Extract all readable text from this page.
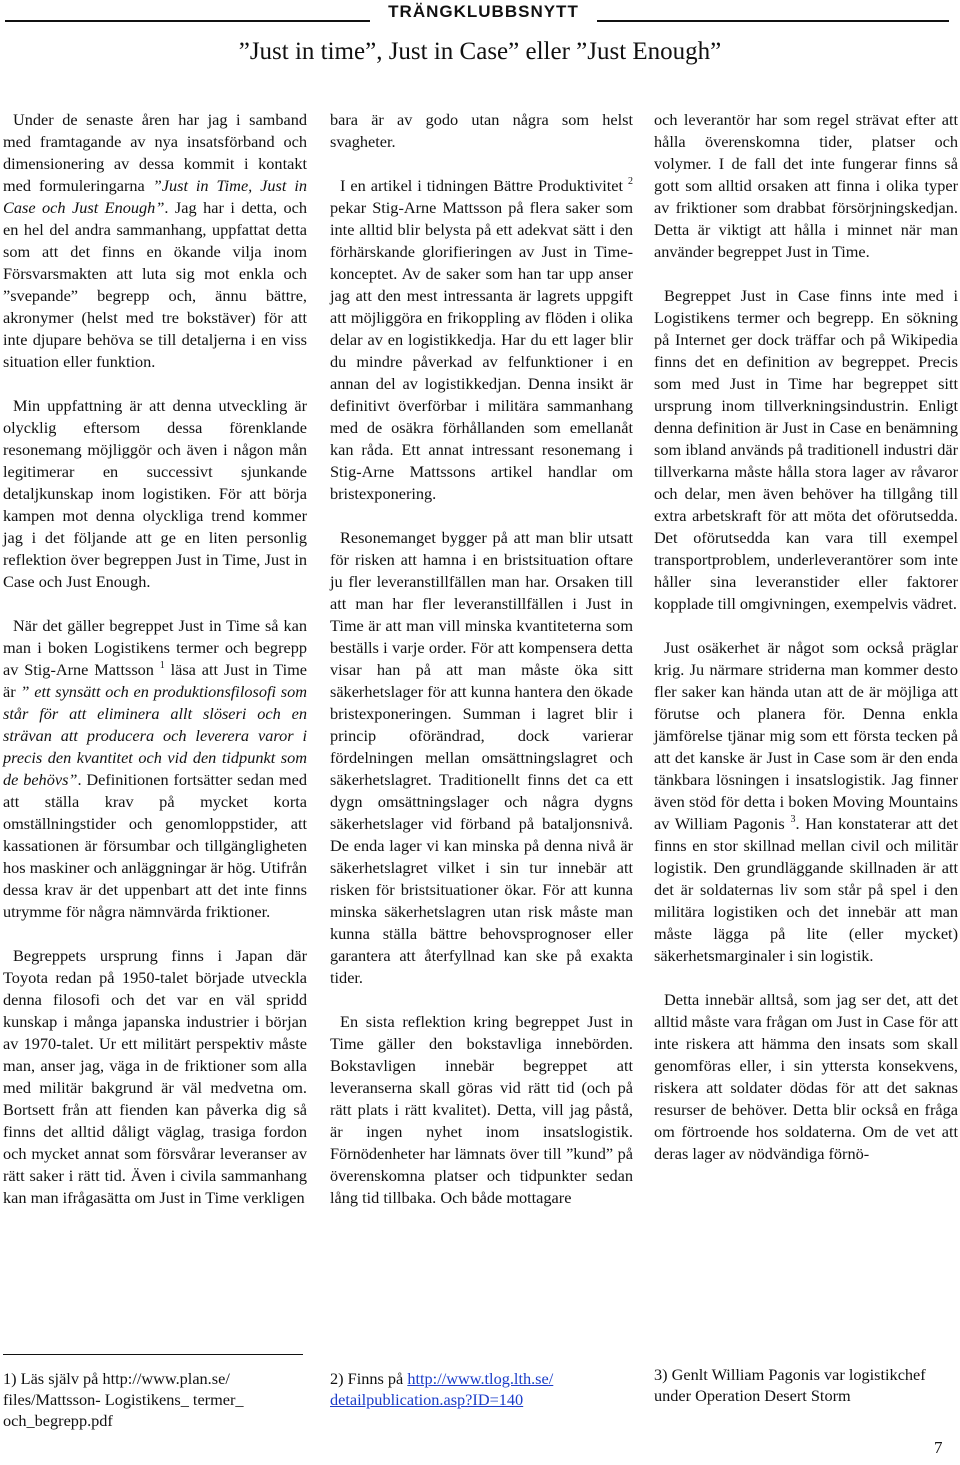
TRÄNGKLUBBSNYTT
”Just in time”, Just in Case” eller ”Just Enough”

Under de senaste åren har jag i samband med framtagande av nya insatsförband och dimensionering av dessa kommit i kontakt med formuleringarna ”Just in Time, Just in Case och Just Enough”. Jag har i detta, och en hel del andra sammanhang, uppfattat detta som att det finns en ökande vilja inom Försvarsmakten att luta sig mot enkla och ”svepande” begrepp och, ännu bättre, akronymer (helst med tre bokstäver) för att inte djupare behöva se till detaljerna i en viss situation eller funktion.

Min uppfattning är att denna utveckling är olycklig eftersom dessa förenklande resonemang möjliggör och även i någon mån legitimerar en successivt sjunkande detaljkunskap inom logistiken. För att börja kampen mot denna olyckliga trend kommer jag i det följande att ge en liten personlig reflektion över begreppen Just in Time, Just in Case och Just Enough.

När det gäller begreppet Just in Time så kan man i boken Logistikens termer och begrepp av Stig-Arne Mattsson $^1$ läsa att Just in Time är ” ett synsätt och en produktionsfilosofi som står för att eliminera allt slöseri och en strävan att producera och leverera varor i precis den kvantitet och vid den tidpunkt som de behövs”. Definitionen fortsätter sedan med att ställa krav på mycket korta omställningstider och genomloppstider, att kassationen är försumbar och tillgängligheten hos maskiner och anläggningar är hög. Utifrån dessa krav är det uppenbart att det inte finns utrymme för några nämnvärda friktioner.

Begreppets ursprung finns i Japan där Toyota redan på 1950-talet började utveckla denna filosofi och det var en väl spridd kunskap i många japanska industrier i början av 1970-talet. Ur ett militärt perspektiv måste man, anser jag, väga in de friktioner som alla med militär bakgrund är väl medvetna om. Bortsett från att fienden kan påverka dig så finns det alltid dåligt väglag, trasiga fordon och mycket annat som försvårar leveranser av rätt saker i rätt tid. Även i civila sammanhang kan man ifrågasätta om Just in Time verkligen

bara är av godo utan några som helst svagheter.

I en artikel i tidningen Bättre Produktivitet $^2$ pekar Stig-Arne Mattsson på flera saker som inte alltid blir belysta på ett adekvat sätt i den förhärskande glorifieringen av Just in Time-konceptet. Av de saker som han tar upp anser jag att den mest intressanta är lagrets uppgift att möjliggöra en frikoppling av flöden i olika delar av en logistikkedja. Har du ett lager blir du mindre påverkad av felfunktioner i en annan del av logistikkedjan. Denna insikt är definitivt överförbar i militära sammanhang med de osäkra förhållanden som emellanåt kan råda. Ett annat intressant resonemang i Stig-Arne Mattssons artikel handlar om bristexponering.

Resonemanget bygger på att man blir utsatt för risken att hamna i en bristsituation oftare ju fler leveranstillfällen man har. Orsaken till att man har fler leveranstillfällen i Just in Time är att man vill minska kvantiteterna som beställs i varje order. För att kompensera detta visar han på att man måste öka sitt säkerhetslager för att kunna hantera den ökade bristexponeringen. Summan i lagret blir i princip oförändrad, dock varierar fördelningen mellan omsättningslagret och säkerhetslagret. Traditionellt finns det ca ett dygn omsättningslager och några dygns säkerhetslager vid förband på bataljonsnivå. De enda lager vi kan minska på denna nivå är säkerhetslagret vilket i sin tur innebär att risken för bristsituationer ökar. För att kunna minska säkerhetslagren utan risk måste man kunna ställa bättre behovsprognoser eller garantera att återfyllnad kan ske på exakta tider.

En sista reflektion kring begreppet Just in Time gäller den bokstavliga innebörden. Bokstavligen innebär begreppet att leveranserna skall göras vid rätt tid (och på rätt plats i rätt kvalitet). Detta, vill jag påstå, är ingen nyhet inom insatslogistik. Förnödenheter har lämnats över till ”kund” på överenskomna platser och tidpunkter sedan lång tid tillbaka. Och både mottagare

och leverantör har som regel strävat efter att hålla överenskomna tider, platser och volymer. I de fall det inte fungerar finns så gott som alltid orsaken att finna i olika typer av friktioner som drabbat försörjningskedjan. Detta är viktigt att hålla i minnet när man använder begreppet Just in Time.

Begreppet Just in Case finns inte med i Logistikens termer och begrepp. En sökning på Internet ger dock träffar och på Wikipedia finns det en definition av begreppet. Precis som med Just in Time har begreppet sitt ursprung inom tillverkningsindustrin. Enligt denna definition är Just in Case en benämning som ibland används på traditionell industri där tillverkarna måste hålla stora lager av råvaror och delar, men även behöver ha tillgång till extra arbetskraft för att möta det oförutsedda. Det oförutsedda kan vara till exempel transportproblem, underleverantörer som inte håller sina leveranstider eller faktorer kopplade till omgivningen, exempelvis vädret.

Just osäkerhet är något som också präglar krig. Ju närmare striderna man kommer desto fler saker kan hända utan att de är möjliga att förutse och planera för. Denna enkla jämförelse tjänar mig som ett första tecken på att det kanske är Just in Case som är den enda tänkbara lösningen i insatslogistik. Jag finner även stöd för detta i boken Moving Mountains av William Pagonis $^3$. Han konstaterar att det finns en stor skillnad mellan civil och militär logistik. Den grundläggande skillnaden är att det är soldaternas liv som står på spel i den militära logistiken och det innebär att man måste lägga på lite (eller mycket) säkerhetsmarginaler i sin logistik.

Detta innebär alltså, som jag ser det, att det alltid måste vara frågan om Just in Case för att inte riskera att hämma den insats som skall genomföras eller, i sin yttersta konsekvens, riskera att soldater dödas för att det saknas resurser de behöver. Detta blir också en fråga om förtroende hos soldaterna. Om de vet att deras lager av nödvändiga förnö-

1) Läs själv på http://www.plan.se/ files/Mattsson- Logistikens_ termer_ och_begrepp.pdf
2) Finns på http://www.tlog.lth.se/ detailpublication.asp?ID=140
3) Genlt William Pagonis var logistikchef under Operation Desert Storm
7
